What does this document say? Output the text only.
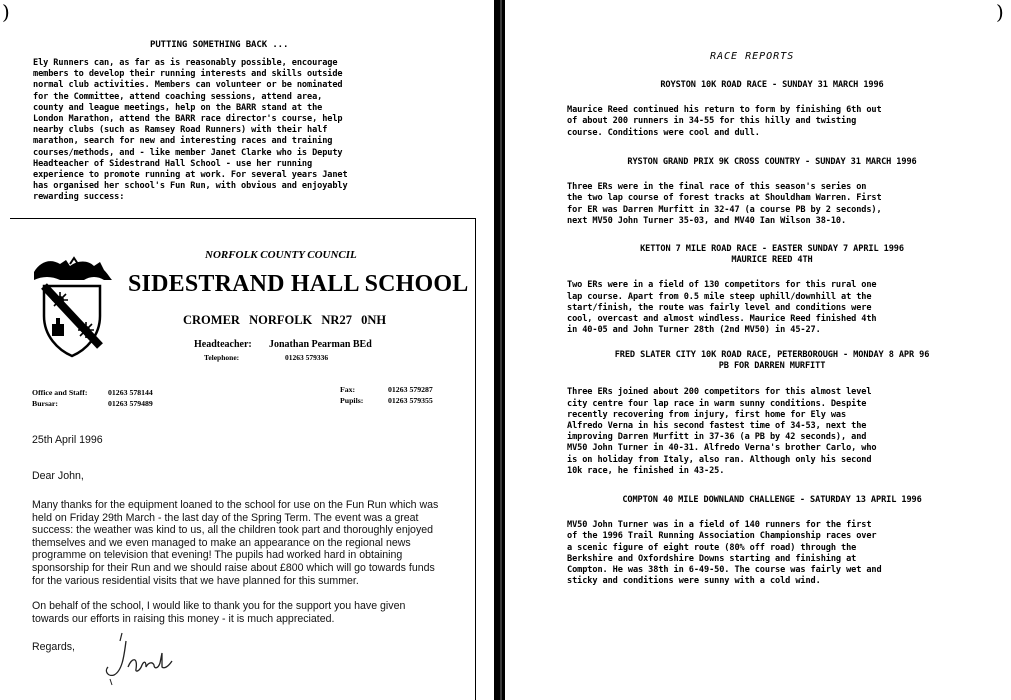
)	)
PUTTING SOMETHING BACK ...
Ely Runners can, as far as is reasonably possible, encourage
members to develop their running interests and skills outside
normal club activities. Members can volunteer or be nominated
for the Committee, attend coaching sessions, attend area,
county and league meetings, help on the BARR stand at the
London Marathon, attend the BARR race director's course, help
nearby clubs (such as Ramsey Road Runners) with their half
marathon, search for new and interesting races and training
courses/methods, and - like member Janet Clarke who is Deputy
Headteacher of Sidestrand Hall School - use her running
experience to promote running at work. For several years Janet
has organised her school's Fun Run, with obvious and enjoyably
rewarding success:
NORFOLK COUNTY COUNCIL
SIDESTRAND HALL SCHOOL
CROMER NORFOLK NR27 0NH
Headteacher: Jonathan Pearman BEd
Telephone:	01263 579336
Office and Staff:	01263 578144
Bursar:	01263 579489
Fax:	01263 579287
Pupils:	01263 579355
25th April 1996
Dear John,
Many thanks for the equipment loaned to the school for use on the Fun Run which was
held on Friday 29th March - the last day of the Spring Term. The event was a great
success: the weather was kind to us, all the children took part and thoroughly enjoyed
themselves and we even managed to make an appearance on the regional news
programme on television that evening! The pupils had worked hard in obtaining
sponsorship for their Run and we should raise about £800 which will go towards funds
for the various residential visits that we have planned for this summer.
On behalf of the school, I would like to thank you for the support you have given
towards our efforts in raising this money - it is much appreciated.
Regards,
RACE REPORTS
ROYSTON 10K ROAD RACE - SUNDAY 31 MARCH 1996
Maurice Reed continued his return to form by finishing 6th out
of about 200 runners in 34-55 for this hilly and twisting
course. Conditions were cool and dull.
RYSTON GRAND PRIX 9K CROSS COUNTRY - SUNDAY 31 MARCH 1996
Three ERs were in the final race of this season's series on
the two lap course of forest tracks at Shouldham Warren. First
for ER was Darren Murfitt in 32-47 (a course PB by 2 seconds),
next MV50 John Turner 35-03, and MV40 Ian Wilson 38-10.
KETTON 7 MILE ROAD RACE - EASTER SUNDAY 7 APRIL 1996
MAURICE REED 4TH
Two ERs were in a field of 130 competitors for this rural one
lap course. Apart from 0.5 mile steep uphill/downhill at the
start/finish, the route was fairly level and conditions were
cool, overcast and almost windless. Maurice Reed finished 4th
in 40-05 and John Turner 28th (2nd MV50) in 45-27.
FRED SLATER CITY 10K ROAD RACE, PETERBOROUGH - MONDAY 8 APR 96
PB FOR DARREN MURFITT
Three ERs joined about 200 competitors for this almost level
city centre four lap race in warm sunny conditions. Despite
recently recovering from injury, first home for Ely was
Alfredo Verna in his second fastest time of 34-53, next the
improving Darren Murfitt in 37-36 (a PB by 42 seconds), and
MV50 John Turner in 40-31. Alfredo Verna's brother Carlo, who
is on holiday from Italy, also ran. Although only his second
10k race, he finished in 43-25.
COMPTON 40 MILE DOWNLAND CHALLENGE - SATURDAY 13 APRIL 1996
MV50 John Turner was in a field of 140 runners for the first
of the 1996 Trail Running Association Championship races over
a scenic figure of eight route (80% off road) through the
Berkshire and Oxfordshire Downs starting and finishing at
Compton. He was 38th in 6-49-50. The course was fairly wet and
sticky and conditions were sunny with a cold wind.
